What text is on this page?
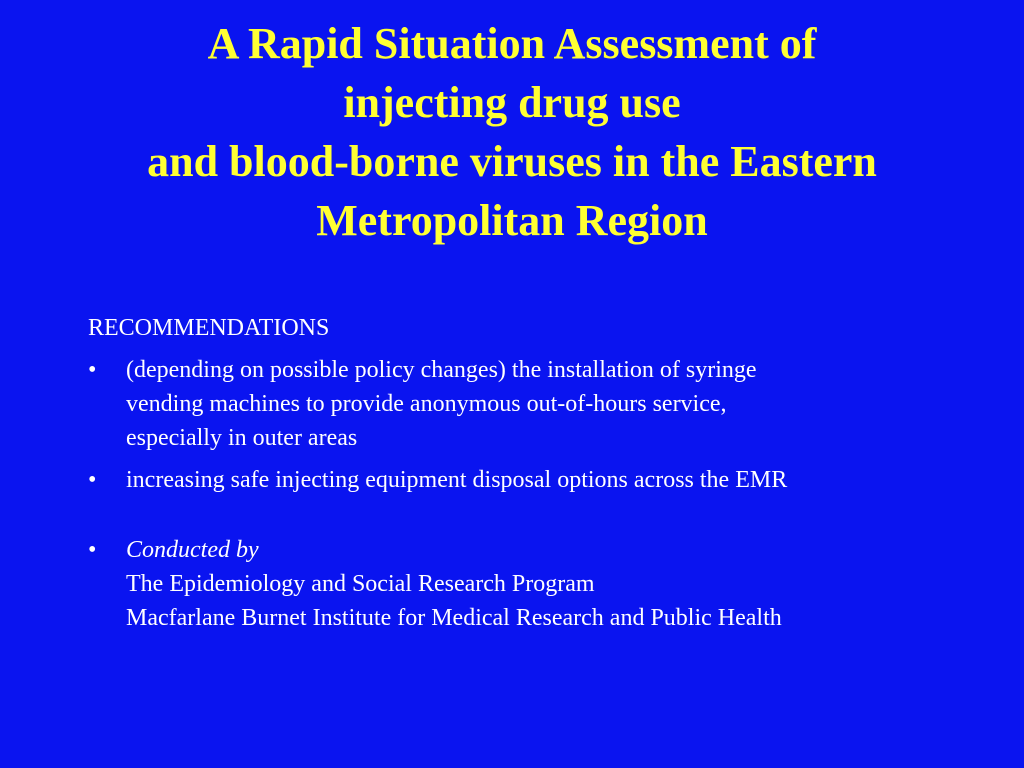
A Rapid Situation Assessment of
injecting drug use
and blood-borne viruses in the Eastern
Metropolitan Region
RECOMMENDATIONS
• (depending on possible policy changes) the installation of syringe
vending machines to provide anonymous out-of-hours service,
especially in outer areas
• increasing safe injecting equipment disposal options across the EMR
• Conducted by
The Epidemiology and Social Research Program
Macfarlane Burnet Institute for Medical Research and Public Health
